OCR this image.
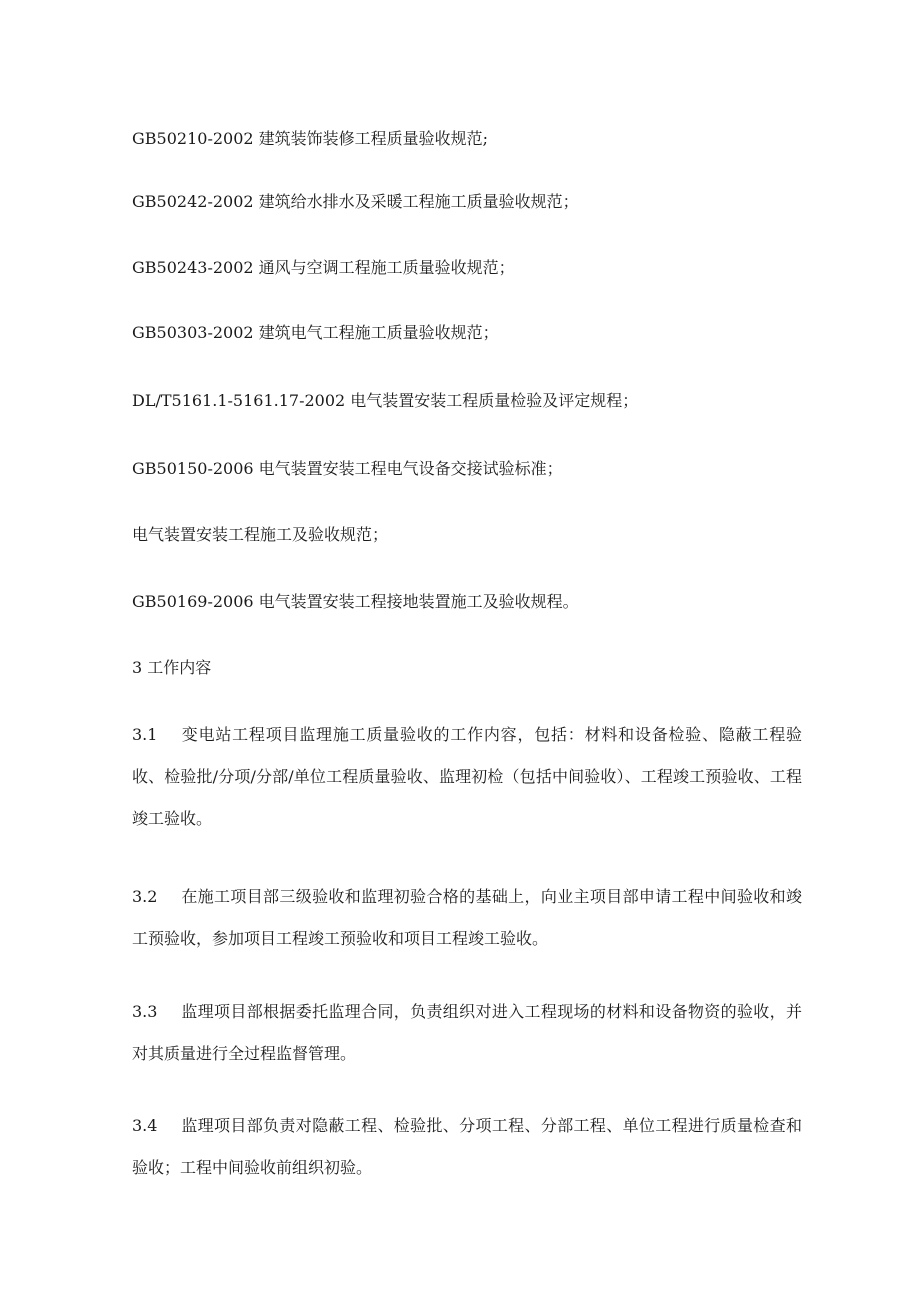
GB50210-2002 建筑装饰装修工程质量验收规范;
GB50242-2002 建筑给水排水及采暖工程施工质量验收规范；
GB50243-2002 通风与空调工程施工质量验收规范；
GB50303-2002 建筑电气工程施工质量验收规范；
DL/T5161.1-5161.17-2002 电气装置安装工程质量检验及评定规程；
GB50150-2006 电气装置安装工程电气设备交接试验标准；
电气装置安装工程施工及验收规范；
GB50169-2006 电气装置安装工程接地装置施工及验收规程。
3 工作内容

3.1 变电站工程项目监理施工质量验收的工作内容，包括：材料和设备检验、隐蔽工程验收、检验批/分项/分部/单位工程质量验收、监理初检（包括中间验收）、工程竣工预验收、工程竣工验收。

3.2 在施工项目部三级验收和监理初验合格的基础上，向业主项目部申请工程中间验收和竣工预验收，参加项目工程竣工预验收和项目工程竣工验收。

3.3 监理项目部根据委托监理合同，负责组织对进入工程现场的材料和设备物资的验收，并对其质量进行全过程监督管理。

3.4 监理项目部负责对隐蔽工程、检验批、分项工程、分部工程、单位工程进行质量检查和验收；工程中间验收前组织初验。
